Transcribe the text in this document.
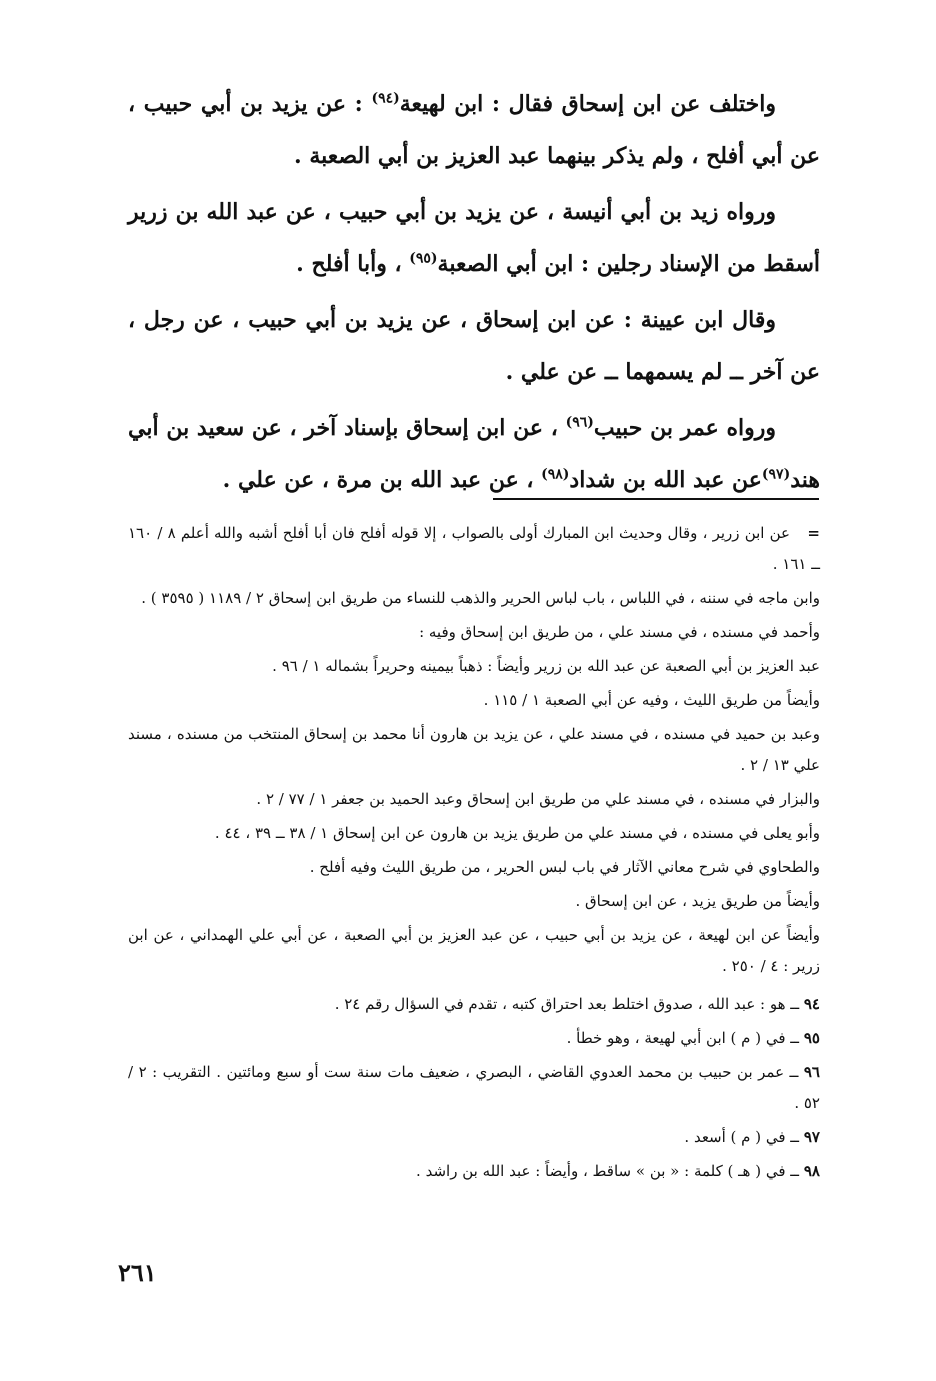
واختلف عن ابن إسحاق فقال : ابن لهيعة$^{(٩٤)}$ : عن يزيد بن أبي حبيب ، عن أبي أفلح ، ولم يذكر بينهما عبد العزيز بن أبي الصعبة .

ورواه زيد بن أبي أنيسة ، عن يزيد بن أبي حبيب ، عن عبد الله بن زرير أسقط من الإسناد رجلين : ابن أبي الصعبة$^{(٩٥)}$ ، وأبا أفلح .

وقال ابن عيينة : عن ابن إسحاق ، عن يزيد بن أبي حبيب ، عن رجل ، عن آخر ــ لم يسمهما ــ عن علي .

ورواه عمر بن حبيب$^{(٩٦)}$ ، عن ابن إسحاق بإسناد آخر ، عن سعيد بن أبي هند$^{(٩٧)}$عن عبد الله بن شداد$^{(٩٨)}$ ، عن عبد الله بن مرة ، عن علي .

=عن ابن زرير ، وقال وحديث ابن المبارك أولى بالصواب ، إلا قوله أفلح فان أبا أفلح أشبه والله أعلم ٨ / ١٦٠ ــ ١٦١ .

وابن ماجه في سننه ، في اللباس ، باب لباس الحرير والذهب للنساء من طريق ابن إسحاق ٢ / ١١٨٩ ( ٣٥٩٥ ) .

وأحمد في مسنده ، في مسند علي ، من طريق ابن إسحاق وفيه :

عبد العزيز بن أبي الصعبة عن عبد الله بن زرير وأيضاً : ذهباً بيمينه وحريراً بشماله ١ / ٩٦ .

وأيضاً من طريق الليث ، وفيه عن أبي الصعبة ١ / ١١٥ .

وعبد بن حميد في مسنده ، في مسند علي ، عن يزيد بن هارون أنا محمد بن إسحاق المنتخب من مسنده ، مسند علي ١٣ / ٢ .

والبزار في مسنده ، في مسند علي من طريق ابن إسحاق وعبد الحميد بن جعفر ١ / ٧٧ / ٢ .

وأبو يعلى في مسنده ، في مسند علي من طريق يزيد بن هارون عن ابن إسحاق ١ / ٣٨ ــ ٣٩ ، ٤٤ .

والطحاوي في شرح معاني الآثار في باب لبس الحرير ، من طريق الليث وفيه أفلح .

وأيضاً من طريق يزيد ، عن ابن إسحاق .

وأيضاً عن ابن لهيعة ، عن يزيد بن أبي حبيب ، عن عبد العزيز بن أبي الصعبة ، عن أبي علي الهمداني ، عن ابن زرير : ٤ / ٢٥٠ .

٩٤ ــ هو : عبد الله ، صدوق اختلط بعد احتراق كتبه ، تقدم في السؤال رقم ٢٤ .

٩٥ ــ في ( م ) ابن أبي لهيعة ، وهو خطأ .

٩٦ ــ عمر بن حبيب بن محمد العدوي القاضي ، البصري ، ضعيف مات سنة ست أو سبع ومائتين . التقريب : ٢ / ٥٢ .

٩٧ ــ في ( م ) أسعد .

٩٨ ــ في ( هـ ) كلمة : « بن » ساقط ، وأيضاً : عبد الله بن راشد .

٢٦١
